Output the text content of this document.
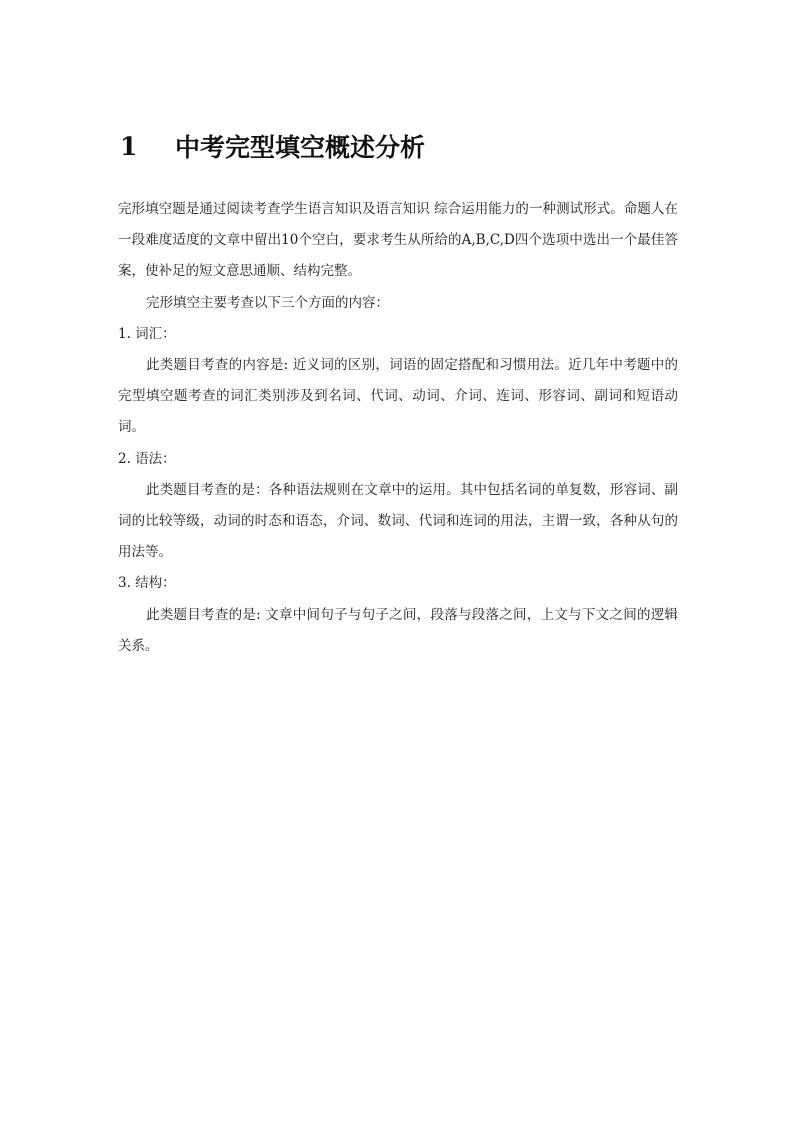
1	中考完型填空概述分析

完形填空题是通过阅读考查学生语言知识及语言知识 综合运用能力的一种测试形式。命题人在一段难度适度的文章中留出10个空白，要求考生从所给的A,B,C,D四个选项中选出一个最佳答案，使补足的短文意思通顺、结构完整。

完形填空主要考查以下三个方面的内容：

1. 词汇：

此类题目考查的内容是: 近义词的区别，词语的固定搭配和习惯用法。近几年中考题中的完型填空题考查的词汇类别涉及到名词、代词、动词、介词、连词、形容词、副词和短语动词。

2. 语法：

此类题目考查的是：各种语法规则在文章中的运用。其中包括名词的单复数，形容词、副词的比较等级，动词的时态和语态，介词、数词、代词和连词的用法，主谓一致，各种从句的用法等。

3. 结构：

此类题目考查的是: 文章中间句子与句子之间，段落与段落之间，上文与下文之间的逻辑关系。
